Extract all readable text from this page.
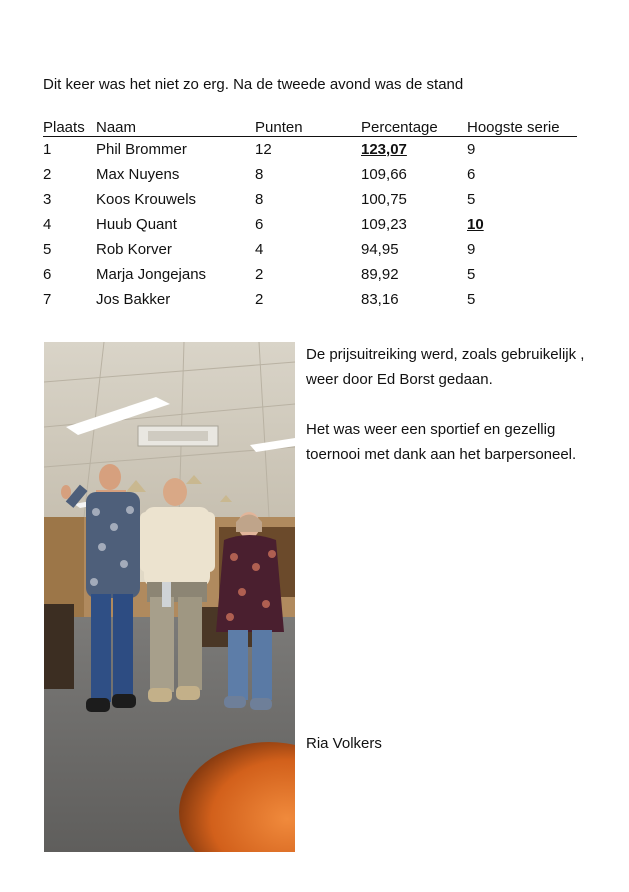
Dit keer was het niet zo erg. Na de tweede avond was de stand
Plaats	Naam	Punten	Percentage	Hoogste serie
1	Phil Brommer	12	123,07	9
2	Max Nuyens	8	109,66	6
3	Koos Krouwels	8	100,75	5
4	Huub Quant	6	109,23	10
5	Rob Korver	4	94,95	9
6	Marja Jongejans	2	89,92	5
7	Jos Bakker	2	83,16	5

De prijsuitreiking werd, zoals gebruikelijk , weer door Ed Borst gedaan.

Het was weer een sportief en gezellig toernooi met dank aan het barpersoneel.

Ria Volkers
